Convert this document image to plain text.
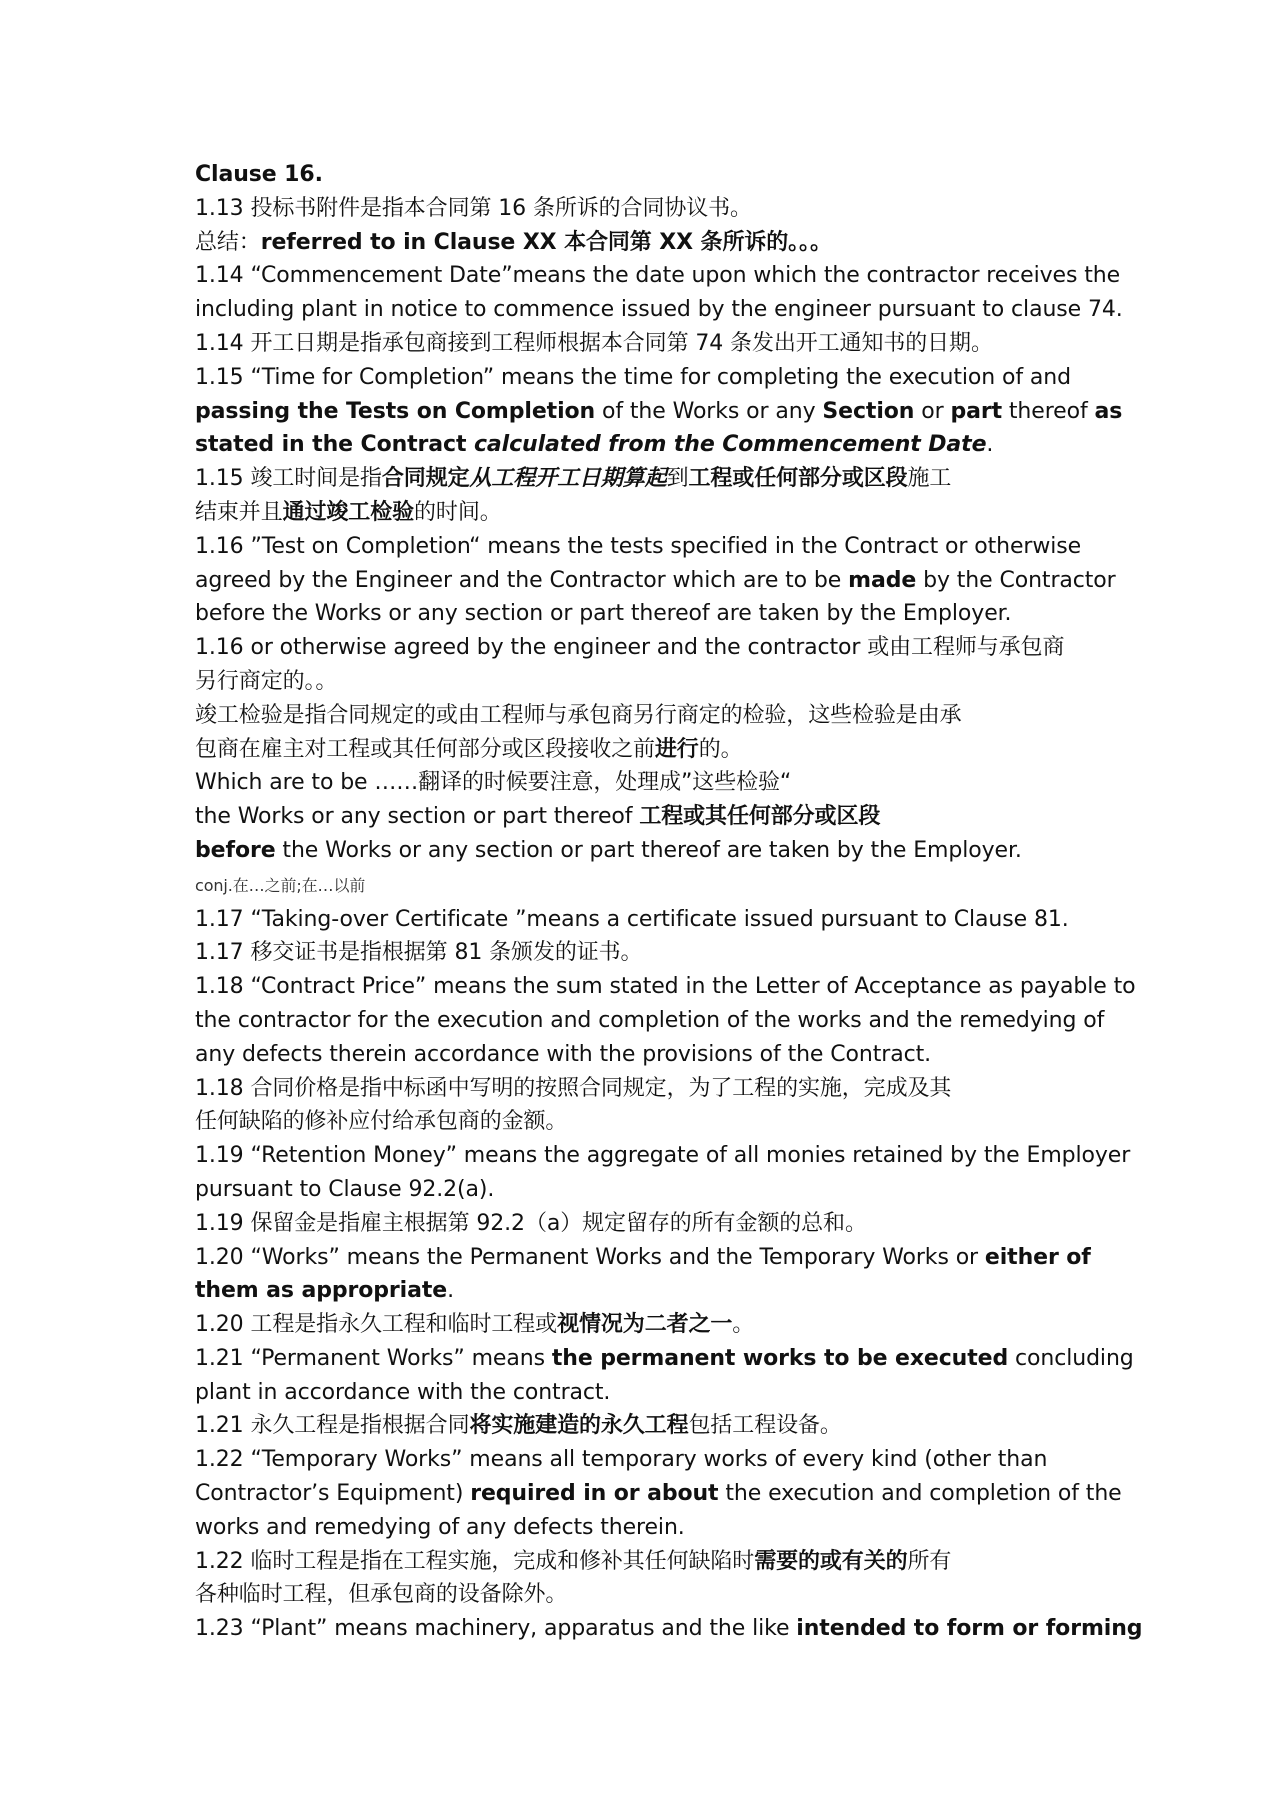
Clause 16.
1.13 投标书附件是指本合同第 16 条所诉的合同协议书。
总结：referred to in Clause XX 本合同第 XX 条所诉的。。。
1.14 “Commencement Date”means the date upon which the contractor receives the
including plant in notice to commence issued by the engineer pursuant to clause 74.
1.14 开工日期是指承包商接到工程师根据本合同第 74 条发出开工通知书的日期。
1.15 “Time for Completion” means the time for completing the execution of and
passing the Tests on Completion of the Works or any Section or part thereof as
stated in the Contract calculated from the Commencement Date.
1.15 竣工时间是指合同规定从工程开工日期算起到工程或任何部分或区段施工
结束并且通过竣工检验的时间。
1.16 ”Test on Completion“ means the tests specified in the Contract or otherwise
agreed by the Engineer and the Contractor which are to be made by the Contractor
before the Works or any section or part thereof are taken by the Employer.
1.16 or otherwise agreed by the engineer and the contractor 或由工程师与承包商
另行商定的。。
竣工检验是指合同规定的或由工程师与承包商另行商定的检验，这些检验是由承
包商在雇主对工程或其任何部分或区段接收之前进行的。
Which are to be ……翻译的时候要注意，处理成”这些检验“
the Works or any section or part thereof 工程或其任何部分或区段
before the Works or any section or part thereof are taken by the Employer.
conj.在…之前;在…以前
1.17 “Taking-over Certificate ”means a certificate issued pursuant to Clause 81.
1.17 移交证书是指根据第 81 条颁发的证书。
1.18 “Contract Price” means the sum stated in the Letter of Acceptance as payable to
the contractor for the execution and completion of the works and the remedying of
any defects therein accordance with the provisions of the Contract.
1.18 合同价格是指中标函中写明的按照合同规定，为了工程的实施，完成及其
任何缺陷的修补应付给承包商的金额。
1.19 “Retention Money” means the aggregate of all monies retained by the Employer
pursuant to Clause 92.2(a).
1.19 保留金是指雇主根据第 92.2（a）规定留存的所有金额的总和。
1.20 “Works” means the Permanent Works and the Temporary Works or either of
them as appropriate.
1.20 工程是指永久工程和临时工程或视情况为二者之一。
1.21 “Permanent Works” means the permanent works to be executed concluding
plant in accordance with the contract.
1.21 永久工程是指根据合同将实施建造的永久工程包括工程设备。
1.22 “Temporary Works” means all temporary works of every kind (other than
Contractor’s Equipment) required in or about the execution and completion of the
works and remedying of any defects therein.
1.22 临时工程是指在工程实施，完成和修补其任何缺陷时需要的或有关的所有
各种临时工程，但承包商的设备除外。
1.23 “Plant” means machinery, apparatus and the like intended to form or forming
